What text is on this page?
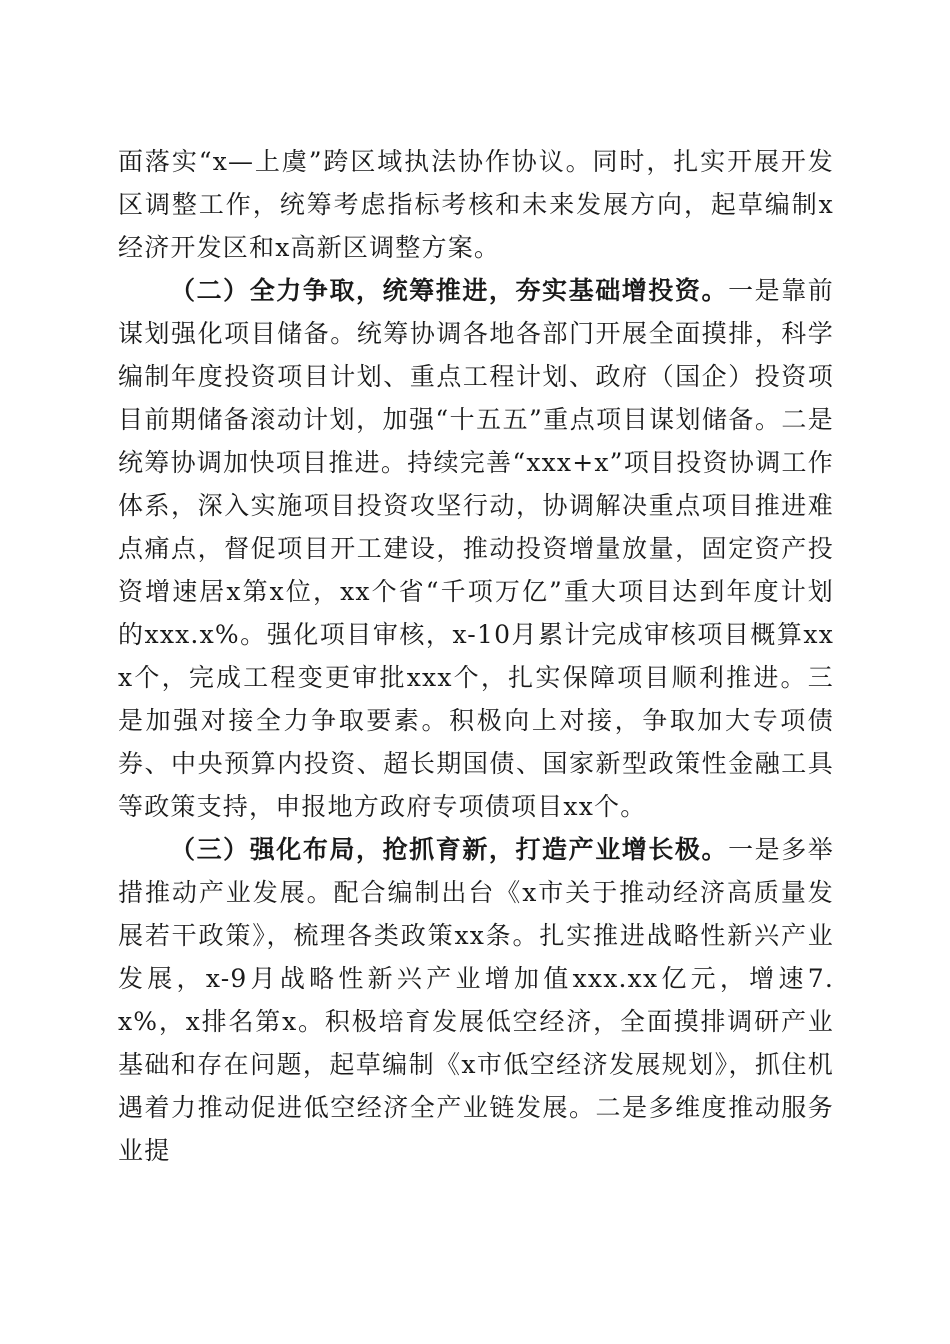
面落实“x—上虞”跨区域执法协作协议。同时，扎实开展开发区调整工作，统筹考虑指标考核和未来发展方向，起草编制x经济开发区和x高新区调整方案。

（二）全力争取，统筹推进，夯实基础增投资。一是靠前谋划强化项目储备。统筹协调各地各部门开展全面摸排，科学编制年度投资项目计划、重点工程计划、政府（国企）投资项目前期储备滚动计划，加强“十五五”重点项目谋划储备。二是统筹协调加快项目推进。持续完善“xxx+x”项目投资协调工作体系，深入实施项目投资攻坚行动，协调解决重点项目推进难点痛点，督促项目开工建设，推动投资增量放量，固定资产投资增速居x第x位，xx个省“千项万亿”重大项目达到年度计划的xxx.x%。强化项目审核，x-10月累计完成审核项目概算xxx个，完成工程变更审批xxx个，扎实保障项目顺利推进。三是加强对接全力争取要素。积极向上对接，争取加大专项债券、中央预算内投资、超长期国债、国家新型政策性金融工具等政策支持，申报地方政府专项债项目xx个。

（三）强化布局，抢抓育新，打造产业增长极。一是多举措推动产业发展。配合编制出台《x市关于推动经济高质量发展若干政策》，梳理各类政策xx条。扎实推进战略性新兴产业发展，x-9月战略性新兴产业增加值xxx.xx亿元，增速7.x%，x排名第x。积极培育发展低空经济，全面摸排调研产业基础和存在问题，起草编制《x市低空经济发展规划》，抓住机遇着力推动促进低空经济全产业链发展。二是多维度推动服务业提
